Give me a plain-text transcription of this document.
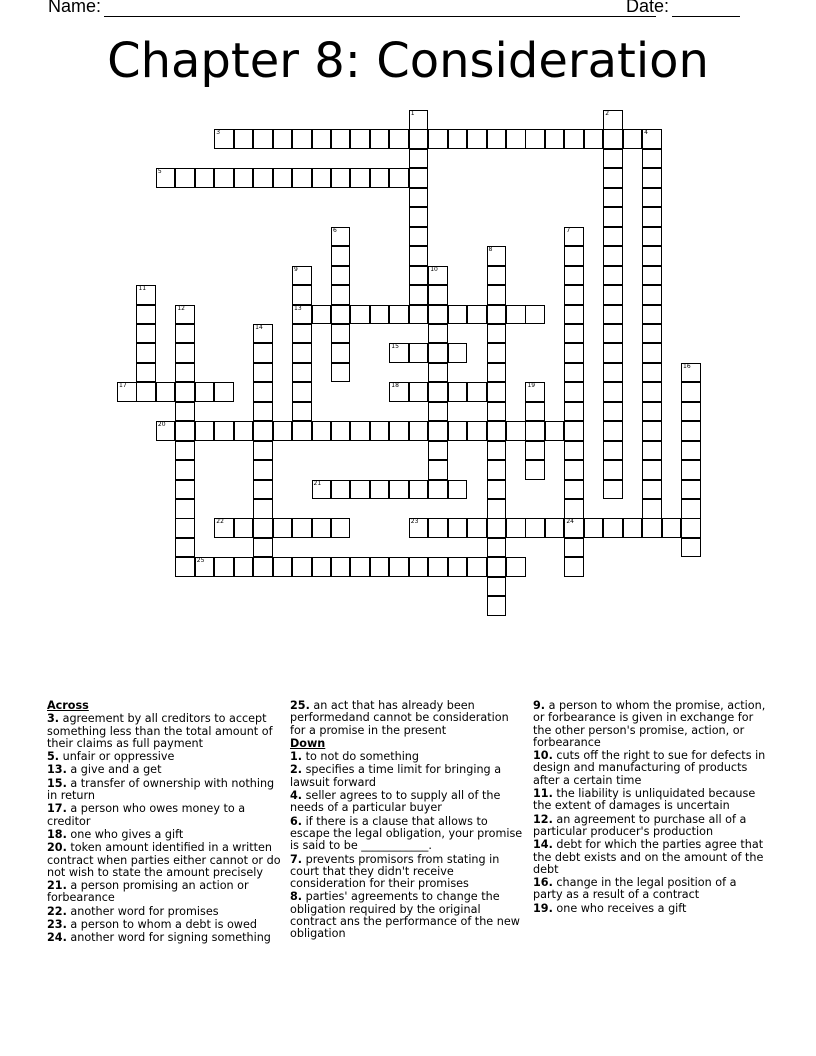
Name:	Date:
Chapter 8: Consideration
3	4
5
13
15
17	18
20
21
22	23	24
25
1	2
6	7
8
9	10
11
12
14
16
19
Across
3. agreement by all creditors to accept something less than the total amount of their claims as full payment
5. unfair or oppressive
13. a give and a get
15. a transfer of ownership with nothing in return
17. a person who owes money to a creditor
18. one who gives a gift
20. token amount identified in a written contract when parties either cannot or do not wish to state the amount precisely
21. a person promising an action or forbearance
22. another word for promises
23. a person to whom a debt is owed
24. another word for signing something
25. an act that has already been performedand cannot be consideration for a promise in the present
Down
1. to not do something
2. specifies a time limit for bringing a lawsuit forward
4. seller agrees to to supply all of the needs of a particular buyer
6. if there is a clause that allows to escape the legal obligation, your promise is said to be ____________.
7. prevents promisors from stating in court that they didn't receive consideration for their promises
8. parties' agreements to change the obligation required by the original contract ans the performance of the new obligation
9. a person to whom the promise, action, or forbearance is given in exchange for the other person's promise, action, or forbearance
10. cuts off the right to sue for defects in design and manufacturing of products after a certain time
11. the liability is unliquidated because the extent of damages is uncertain
12. an agreement to purchase all of a particular producer's production
14. debt for which the parties agree that the debt exists and on the amount of the debt
16. change in the legal position of a party as a result of a contract
19. one who receives a gift
